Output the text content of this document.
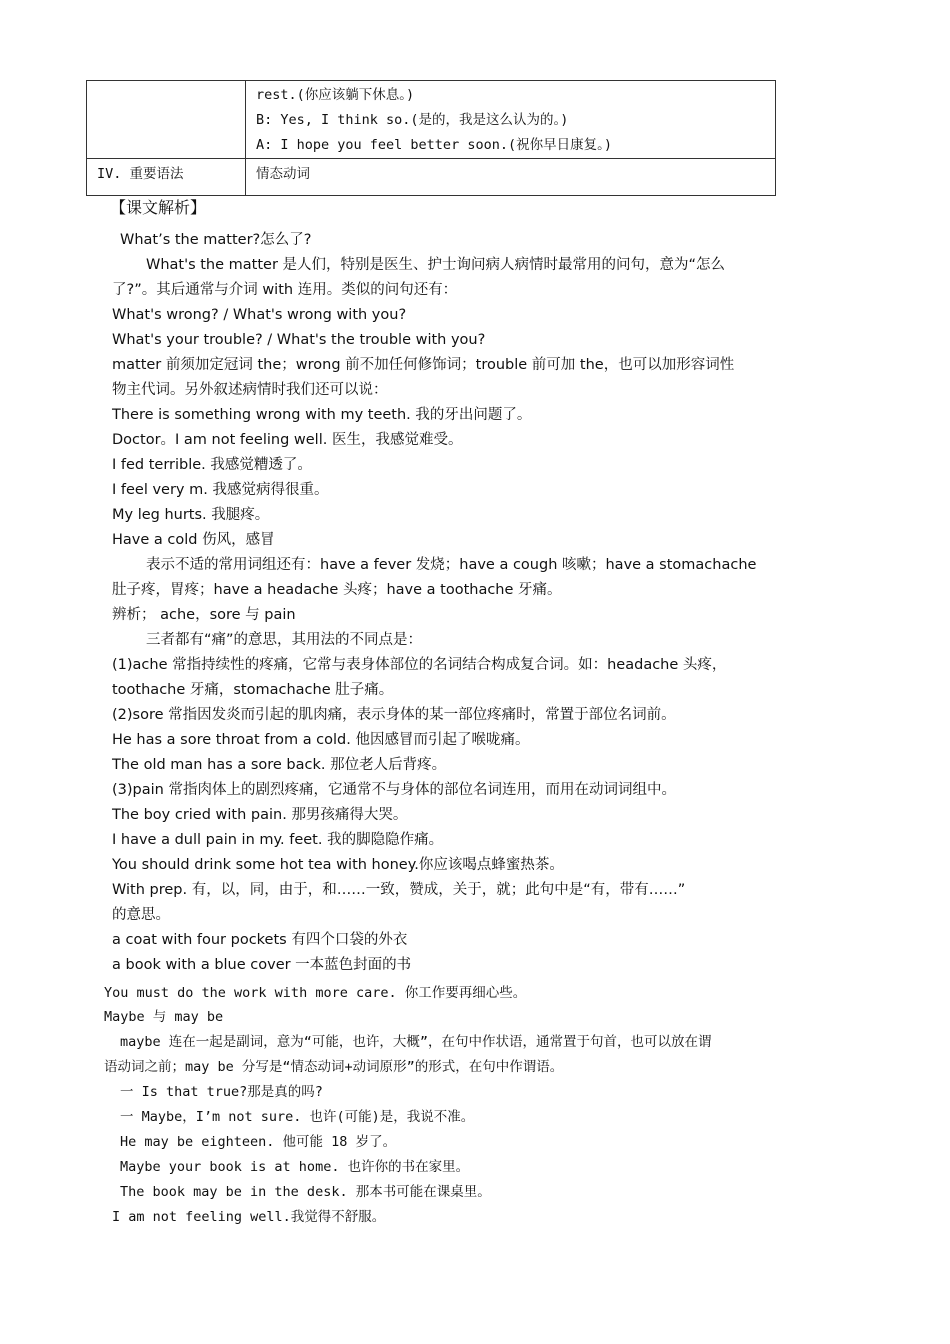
	rest.(你应该躺下休息。)
B: Yes, I think so.(是的，我是这么认为的。)
A: I hope you feel better soon.(祝你早日康复。)

IV. 重要语法	情态动词
【课文解析】
What’s the matter?怎么了?
What's the matter 是人们，特别是医生、护士询问病人病情时最常用的问句，意为“怎么
了?”。其后通常与介词 with 连用。类似的问句还有：
What's wrong? / What's wrong with you?
What's your trouble? / What's the trouble with you?
matter 前须加定冠词 the；wrong 前不加任何修饰词；trouble 前可加 the，也可以加形容词性
物主代词。另外叙述病情时我们还可以说：
There is something wrong with my teeth. 我的牙出问题了。
Doctor。I am not feeling well. 医生，我感觉难受。
I fed terrible. 我感觉糟透了。
I feel very m. 我感觉病得很重。
My leg hurts. 我腿疼。
Have a cold 伤风，感冒
表示不适的常用词组还有：have a fever 发烧；have a cough 咳嗽；have a stomachache
肚子疼，胃疼；have a headache 头疼；have a toothache 牙痛。
辨析； ache，sore 与 pain
三者都有“痛”的意思，其用法的不同点是：
(1)ache 常指持续性的疼痛，它常与表身体部位的名词结合构成复合词。如：headache 头疼，
toothache 牙痛，stomachache 肚子痛。
(2)sore 常指因发炎而引起的肌肉痛，表示身体的某一部位疼痛时，常置于部位名词前。
He has a sore throat from a cold. 他因感冒而引起了喉咙痛。
The old man has a sore back. 那位老人后背疼。
(3)pain 常指肉体上的剧烈疼痛，它通常不与身体的部位名词连用，而用在动词词组中。
The boy cried with pain. 那男孩痛得大哭。
I have a dull pain in my. feet. 我的脚隐隐作痛。
You should drink some hot tea with honey.你应该喝点蜂蜜热茶。
With prep. 有，以，同，由于，和……一致，赞成，关于，就；此句中是“有，带有……”
的意思。
a coat with four pockets 有四个口袋的外衣
a book with a blue cover 一本蓝色封面的书
You must do the work with more care. 你工作要再细心些。
Maybe 与 may be
maybe 连在一起是副词，意为“可能，也许，大概”，在句中作状语，通常置于句首，也可以放在谓
语动词之前；may be 分写是“情态动词+动词原形”的形式，在句中作谓语。
一 Is that true?那是真的吗?
一 Maybe，I’m not sure. 也许(可能)是，我说不准。
He may be eighteen. 他可能 18 岁了。
Maybe your book is at home. 也许你的书在家里。
The book may be in the desk. 那本书可能在课桌里。
I am not feeling well.我觉得不舒服。
